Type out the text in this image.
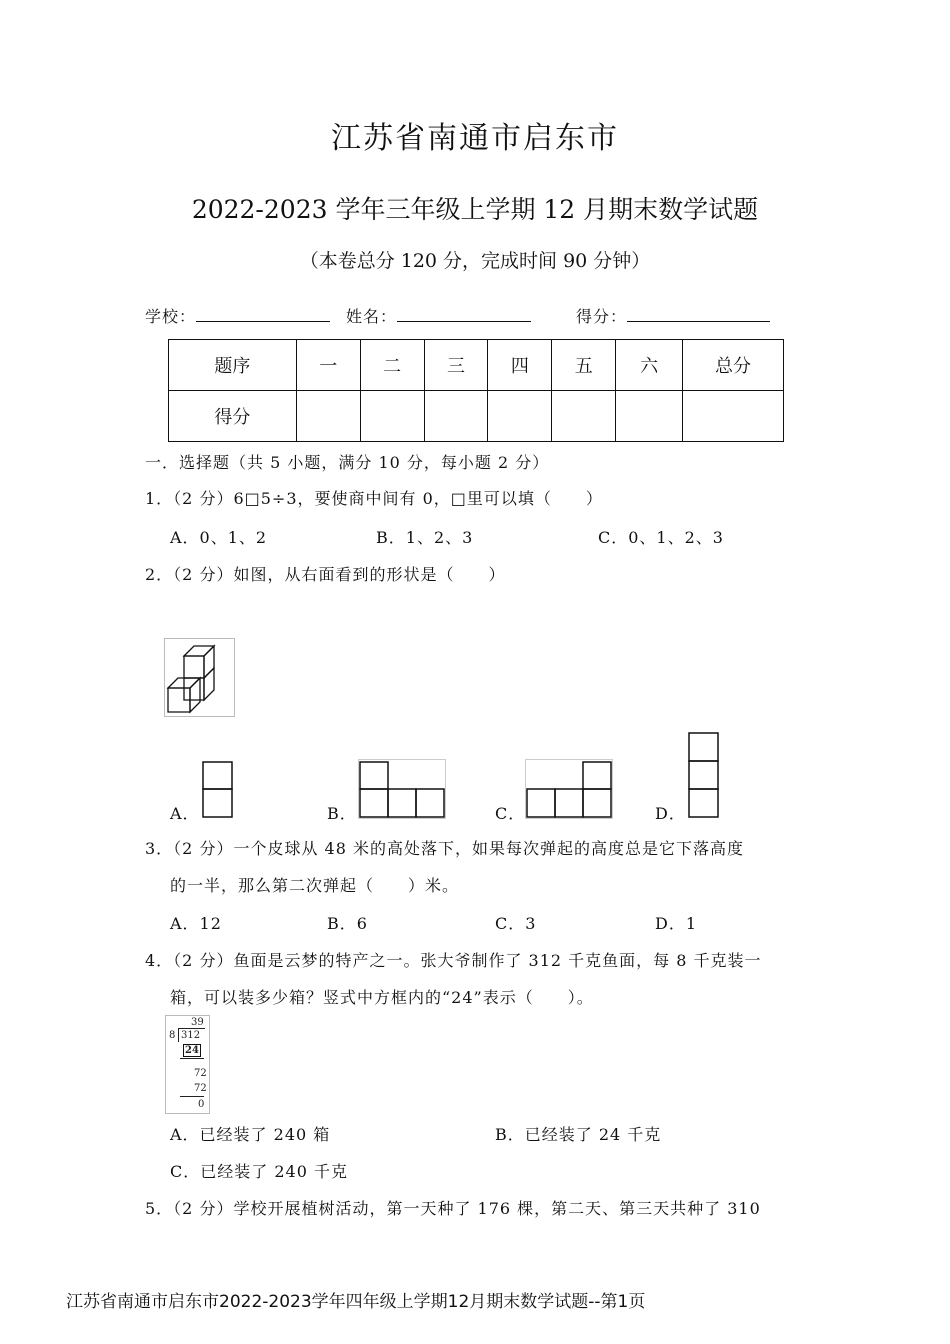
江苏省南通市启东市
2022-2023 学年三年级上学期 12 月期末数学试题
（本卷总分 120 分，完成时间 90 分钟）
学校：	姓名：	得分：
题序	一	二	三	四	五	六	总分
得分							
一．选择题（共 5 小题，满分 10 分，每小题 2 分）
1．（2 分）6□5÷3，要使商中间有 0，□里可以填（　　）
A．0、1、2	B．1、2、3	C．0、1、2、3
2．（2 分）如图，从右面看到的形状是（　　）
A．	B．	C．	D．
3．（2 分）一个皮球从 48 米的高处落下，如果每次弹起的高度总是它下落高度
的一半，那么第二次弹起（　　）米。
A．12	B．6	C．3	D．1
4．（2 分）鱼面是云梦的特产之一。张大爷制作了 312 千克鱼面，每 8 千克装一
箱，可以装多少箱？竖式中方框内的“24”表示（　　）。
39
8 312
24
72
72
0
A．已经装了 240 箱	B．已经装了 24 千克
C．已经装了 240 千克
5．（2 分）学校开展植树活动，第一天种了 176 棵，第二天、第三天共种了 310
江苏省南通市启东市2022-2023学年四年级上学期12月期末数学试题--第1页
